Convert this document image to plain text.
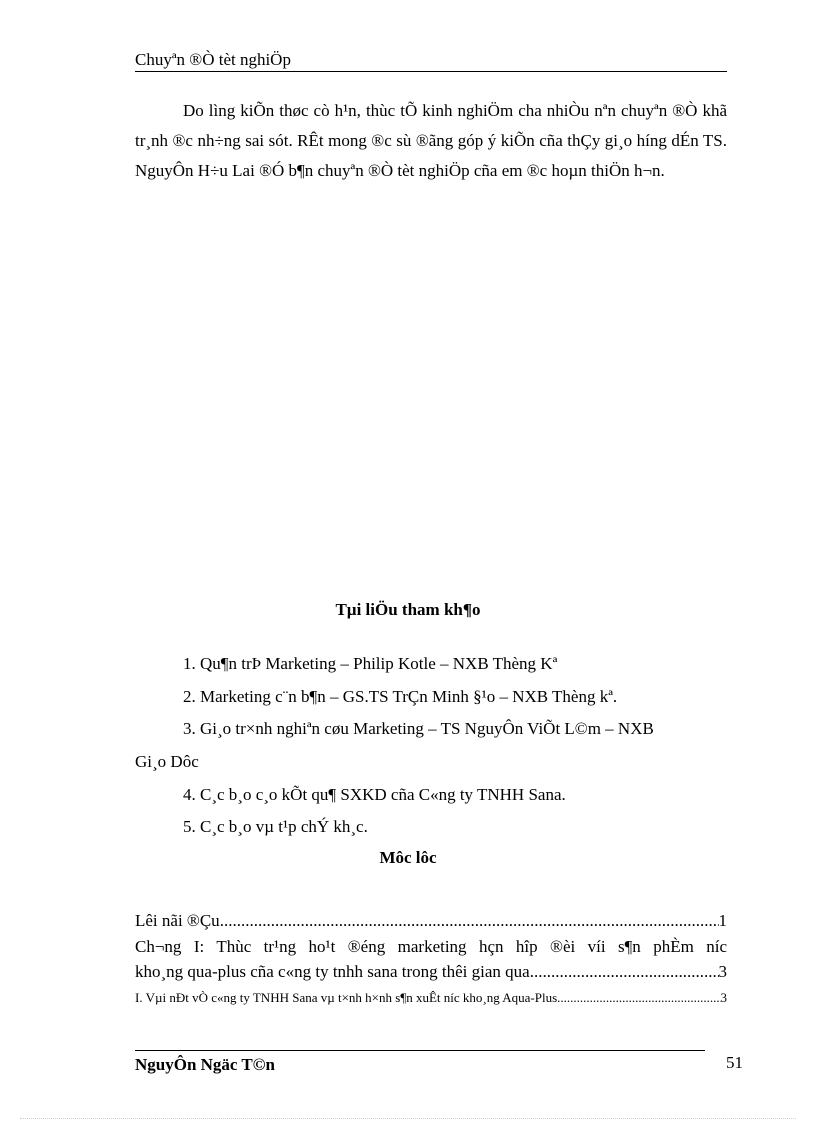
Chuyªn ®Ò tèt nghiÖp

Do lìng kiÕn thøc cò h¹n, thùc tÕ kinh nghiÖm cha nhiÒu nªn chuyªn ®Ò khã tr¸nh ®c nh÷ng sai sót. RÊt mong ®c sù ®ãng góp ý kiÕn cña thÇy gi¸o híng dÉn TS. NguyÔn H÷u Lai ®Ó b¶n chuyªn ®Ò tèt nghiÖp cña em ®c hoµn thiÖn h¬n.

Tµi liÖu tham kh¶o
1. Qu¶n trÞ Marketing – Philip Kotle – NXB Thèng Kª
2. Marketing c¨n b¶n – GS.TS TrÇn Minh §¹o – NXB Thèng kª.
3. Gi¸o tr×nh nghiªn cøu Marketing – TS NguyÔn ViÕt L©m – NXB
Gi¸o Dôc
4. C¸c b¸o c¸o kÕt qu¶ SXKD cña C«ng ty TNHH Sana.
5. C¸c b¸o vµ t¹p chÝ kh¸c.
Môc lôc
Lêi nãi ®Çu .....	1
Ch¬ng I: Thùc tr¹ng ho¹t ®éng marketing hçn hîp ®èi víi s¶n phÈm níc
kho¸ng qua-plus cña c«ng ty tnhh sana trong thêi gian qua .....	3
I. Vµi nÐt vÒ c«ng ty TNHH Sana vµ t×nh h×nh s¶n xuÊt níc kho¸ng Aqua-Plus .....	3
NguyÔn Ngäc T©n	51
